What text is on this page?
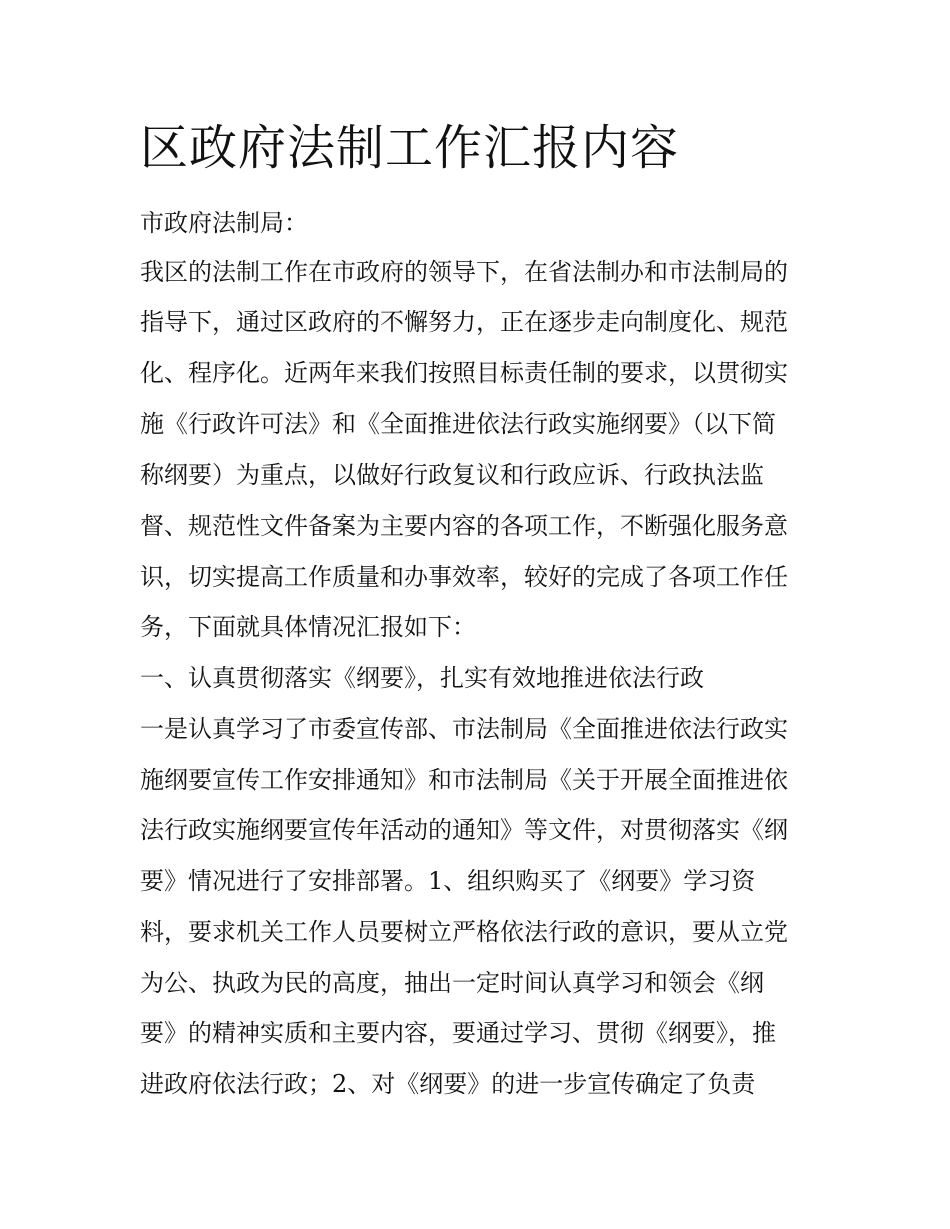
区政府法制工作汇报内容
市政府法制局：
我区的法制工作在市政府的领导下，在省法制办和市法制局的
指导下，通过区政府的不懈努力，正在逐步走向制度化、规范
化、程序化。近两年来我们按照目标责任制的要求，以贯彻实
施《行政许可法》和《全面推进依法行政实施纲要》（以下简
称纲要）为重点，以做好行政复议和行政应诉、行政执法监
督、规范性文件备案为主要内容的各项工作，不断强化服务意
识，切实提高工作质量和办事效率，较好的完成了各项工作任
务，下面就具体情况汇报如下：
一、认真贯彻落实《纲要》，扎实有效地推进依法行政
一是认真学习了市委宣传部、市法制局《全面推进依法行政实
施纲要宣传工作安排通知》和市法制局《关于开展全面推进依
法行政实施纲要宣传年活动的通知》等文件，对贯彻落实《纲
要》情况进行了安排部署。1、组织购买了《纲要》学习资
料，要求机关工作人员要树立严格依法行政的意识，要从立党
为公、执政为民的高度，抽出一定时间认真学习和领会《纲
要》的精神实质和主要内容，要通过学习、贯彻《纲要》，推
进政府依法行政；2、对《纲要》的进一步宣传确定了负责
